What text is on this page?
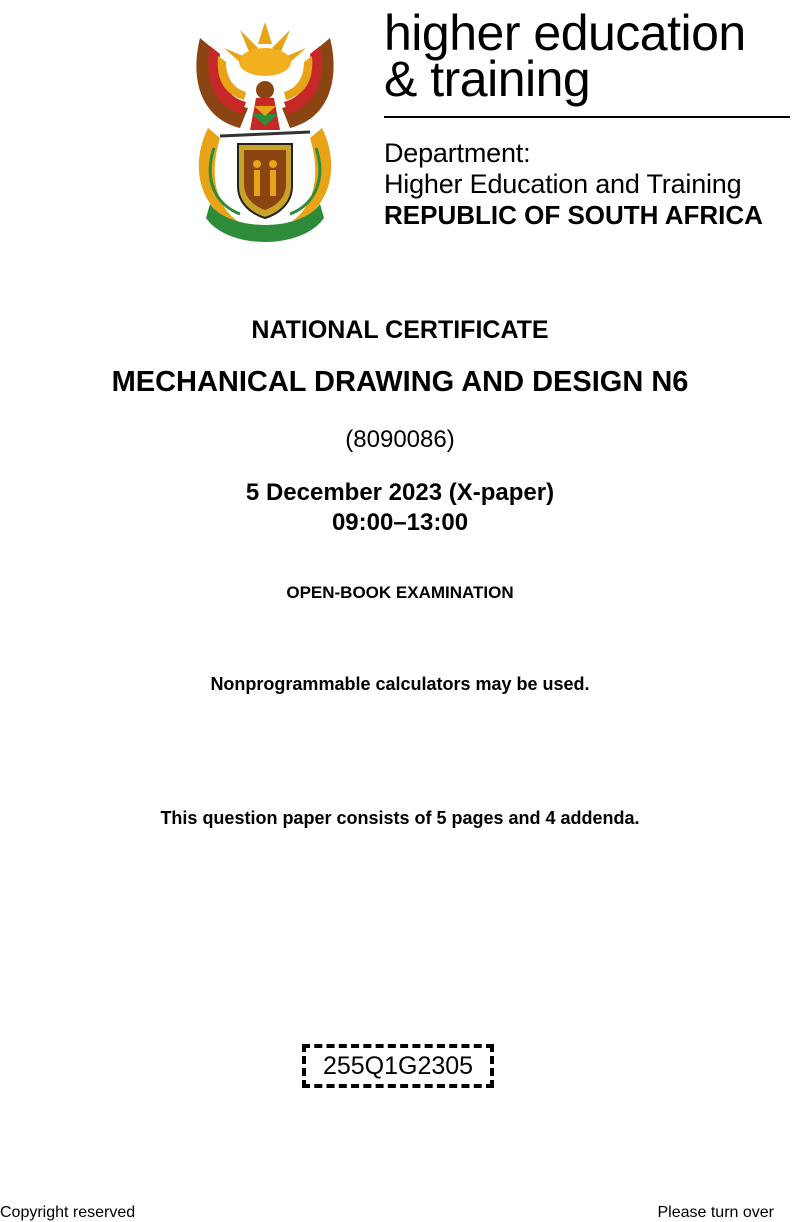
higher education
& training
Department:
Higher Education and Training
REPUBLIC OF SOUTH AFRICA
NATIONAL CERTIFICATE
MECHANICAL DRAWING AND DESIGN N6
(8090086)
5 December 2023 (X-paper)
09:00–13:00
OPEN-BOOK EXAMINATION
Nonprogrammable calculators may be used.
This question paper consists of 5 pages and 4 addenda.
255Q1G2305
Copyright reserved	Please turn over
